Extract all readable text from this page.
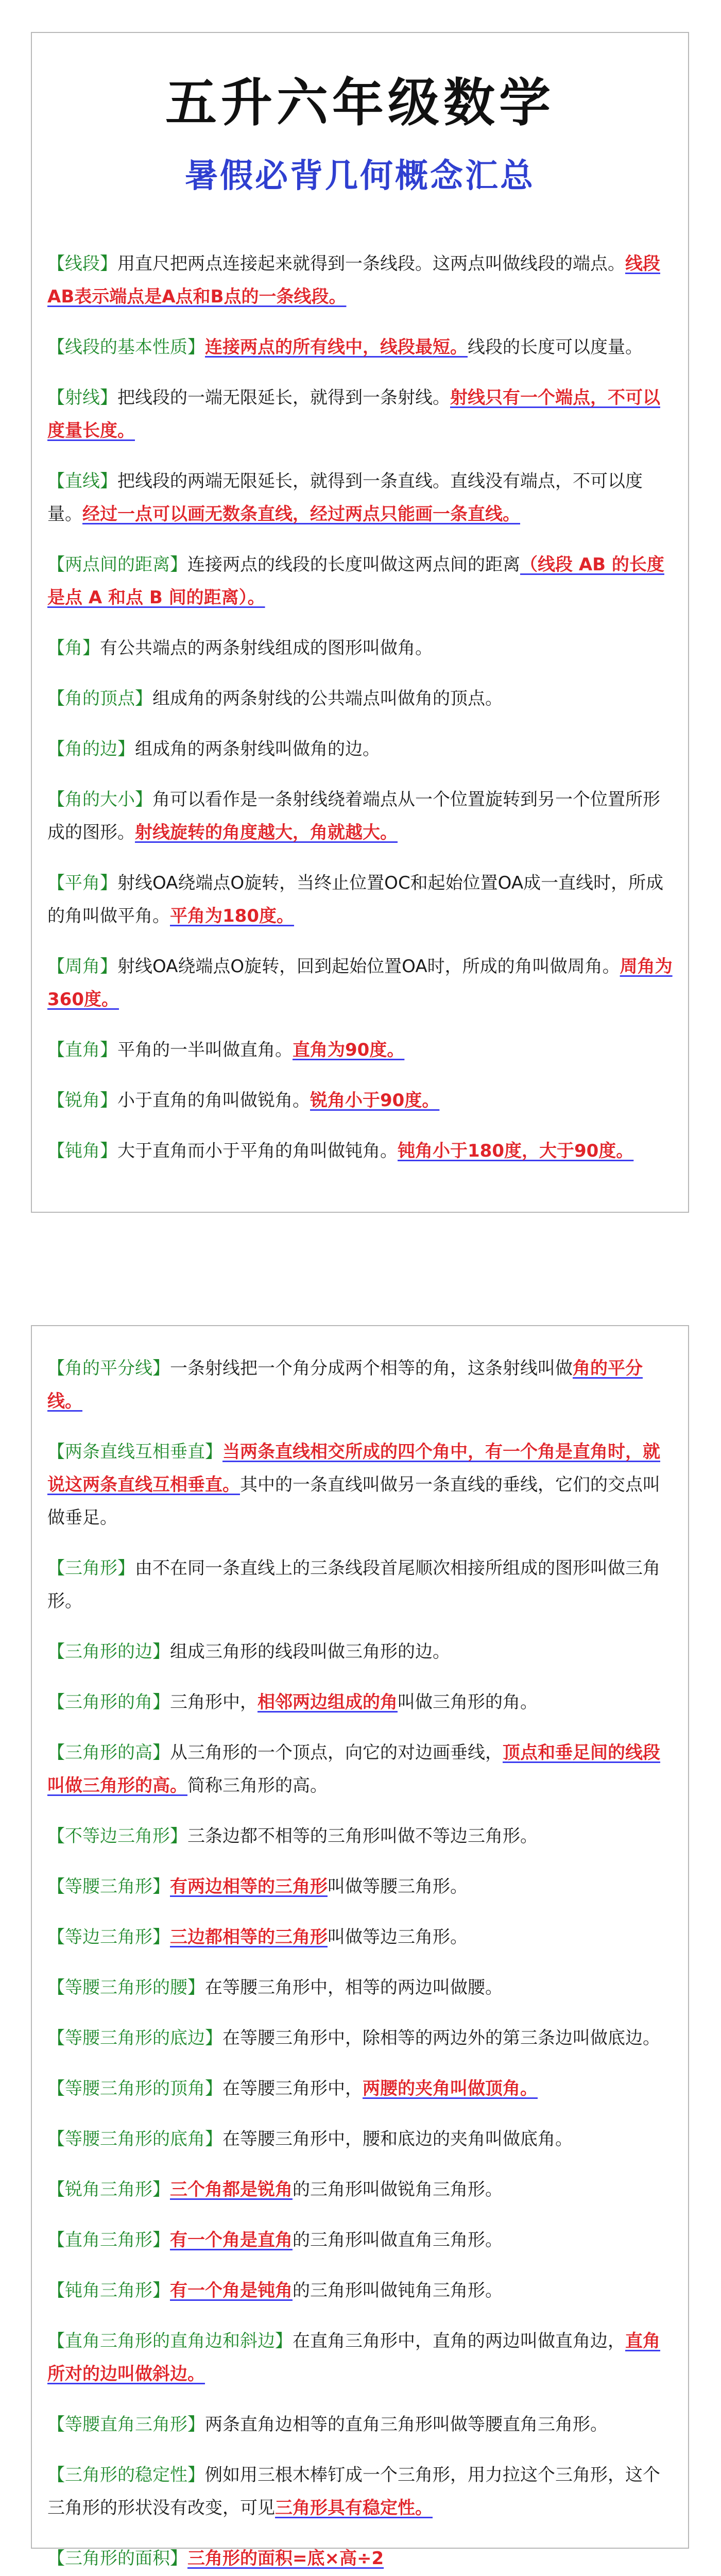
五升六年级数学
暑假必背几何概念汇总
【线段】用直尺把两点连接起来就得到一条线段。这两点叫做线段的端点。线段AB表示端点是A点和B点的一条线段。
【线段的基本性质】连接两点的所有线中，线段最短。线段的长度可以度量。
【射线】把线段的一端无限延长，就得到一条射线。射线只有一个端点，不可以度量长度。
【直线】把线段的两端无限延长，就得到一条直线。直线没有端点，不可以度量。经过一点可以画无数条直线，经过两点只能画一条直线。
【两点间的距离】连接两点的线段的长度叫做这两点间的距离（线段 AB 的长度是点 A 和点 B 间的距离）。
【角】有公共端点的两条射线组成的图形叫做角。
【角的顶点】组成角的两条射线的公共端点叫做角的顶点。
【角的边】组成角的两条射线叫做角的边。
【角的大小】角可以看作是一条射线绕着端点从一个位置旋转到另一个位置所形成的图形。射线旋转的角度越大，角就越大。
【平角】射线OA绕端点O旋转，当终止位置OC和起始位置OA成一直线时，所成的角叫做平角。平角为180度。
【周角】射线OA绕端点O旋转，回到起始位置OA时，所成的角叫做周角。周角为360度。
【直角】平角的一半叫做直角。直角为90度。
【锐角】小于直角的角叫做锐角。锐角小于90度。
【钝角】大于直角而小于平角的角叫做钝角。钝角小于180度，大于90度。
【角的平分线】一条射线把一个角分成两个相等的角，这条射线叫做角的平分线。
【两条直线互相垂直】当两条直线相交所成的四个角中，有一个角是直角时，就说这两条直线互相垂直。其中的一条直线叫做另一条直线的垂线，它们的交点叫做垂足。
【三角形】由不在同一条直线上的三条线段首尾顺次相接所组成的图形叫做三角形。
【三角形的边】组成三角形的线段叫做三角形的边。
【三角形的角】三角形中，相邻两边组成的角叫做三角形的角。
【三角形的高】从三角形的一个顶点，向它的对边画垂线，顶点和垂足间的线段叫做三角形的高。简称三角形的高。
【不等边三角形】三条边都不相等的三角形叫做不等边三角形。
【等腰三角形】有两边相等的三角形叫做等腰三角形。
【等边三角形】三边都相等的三角形叫做等边三角形。
【等腰三角形的腰】在等腰三角形中，相等的两边叫做腰。
【等腰三角形的底边】在等腰三角形中，除相等的两边外的第三条边叫做底边。
【等腰三角形的顶角】在等腰三角形中，两腰的夹角叫做顶角。
【等腰三角形的底角】在等腰三角形中，腰和底边的夹角叫做底角。
【锐角三角形】三个角都是锐角的三角形叫做锐角三角形。
【直角三角形】有一个角是直角的三角形叫做直角三角形。
【钝角三角形】有一个角是钝角的三角形叫做钝角三角形。
【直角三角形的直角边和斜边】在直角三角形中，直角的两边叫做直角边，直角所对的边叫做斜边。
【等腰直角三角形】两条直角边相等的直角三角形叫做等腰直角三角形。
【三角形的稳定性】例如用三根木棒钉成一个三角形，用力拉这个三角形，这个三角形的形状没有改变，可见三角形具有稳定性。
【三角形的面积】三角形的面积=底×高÷2
